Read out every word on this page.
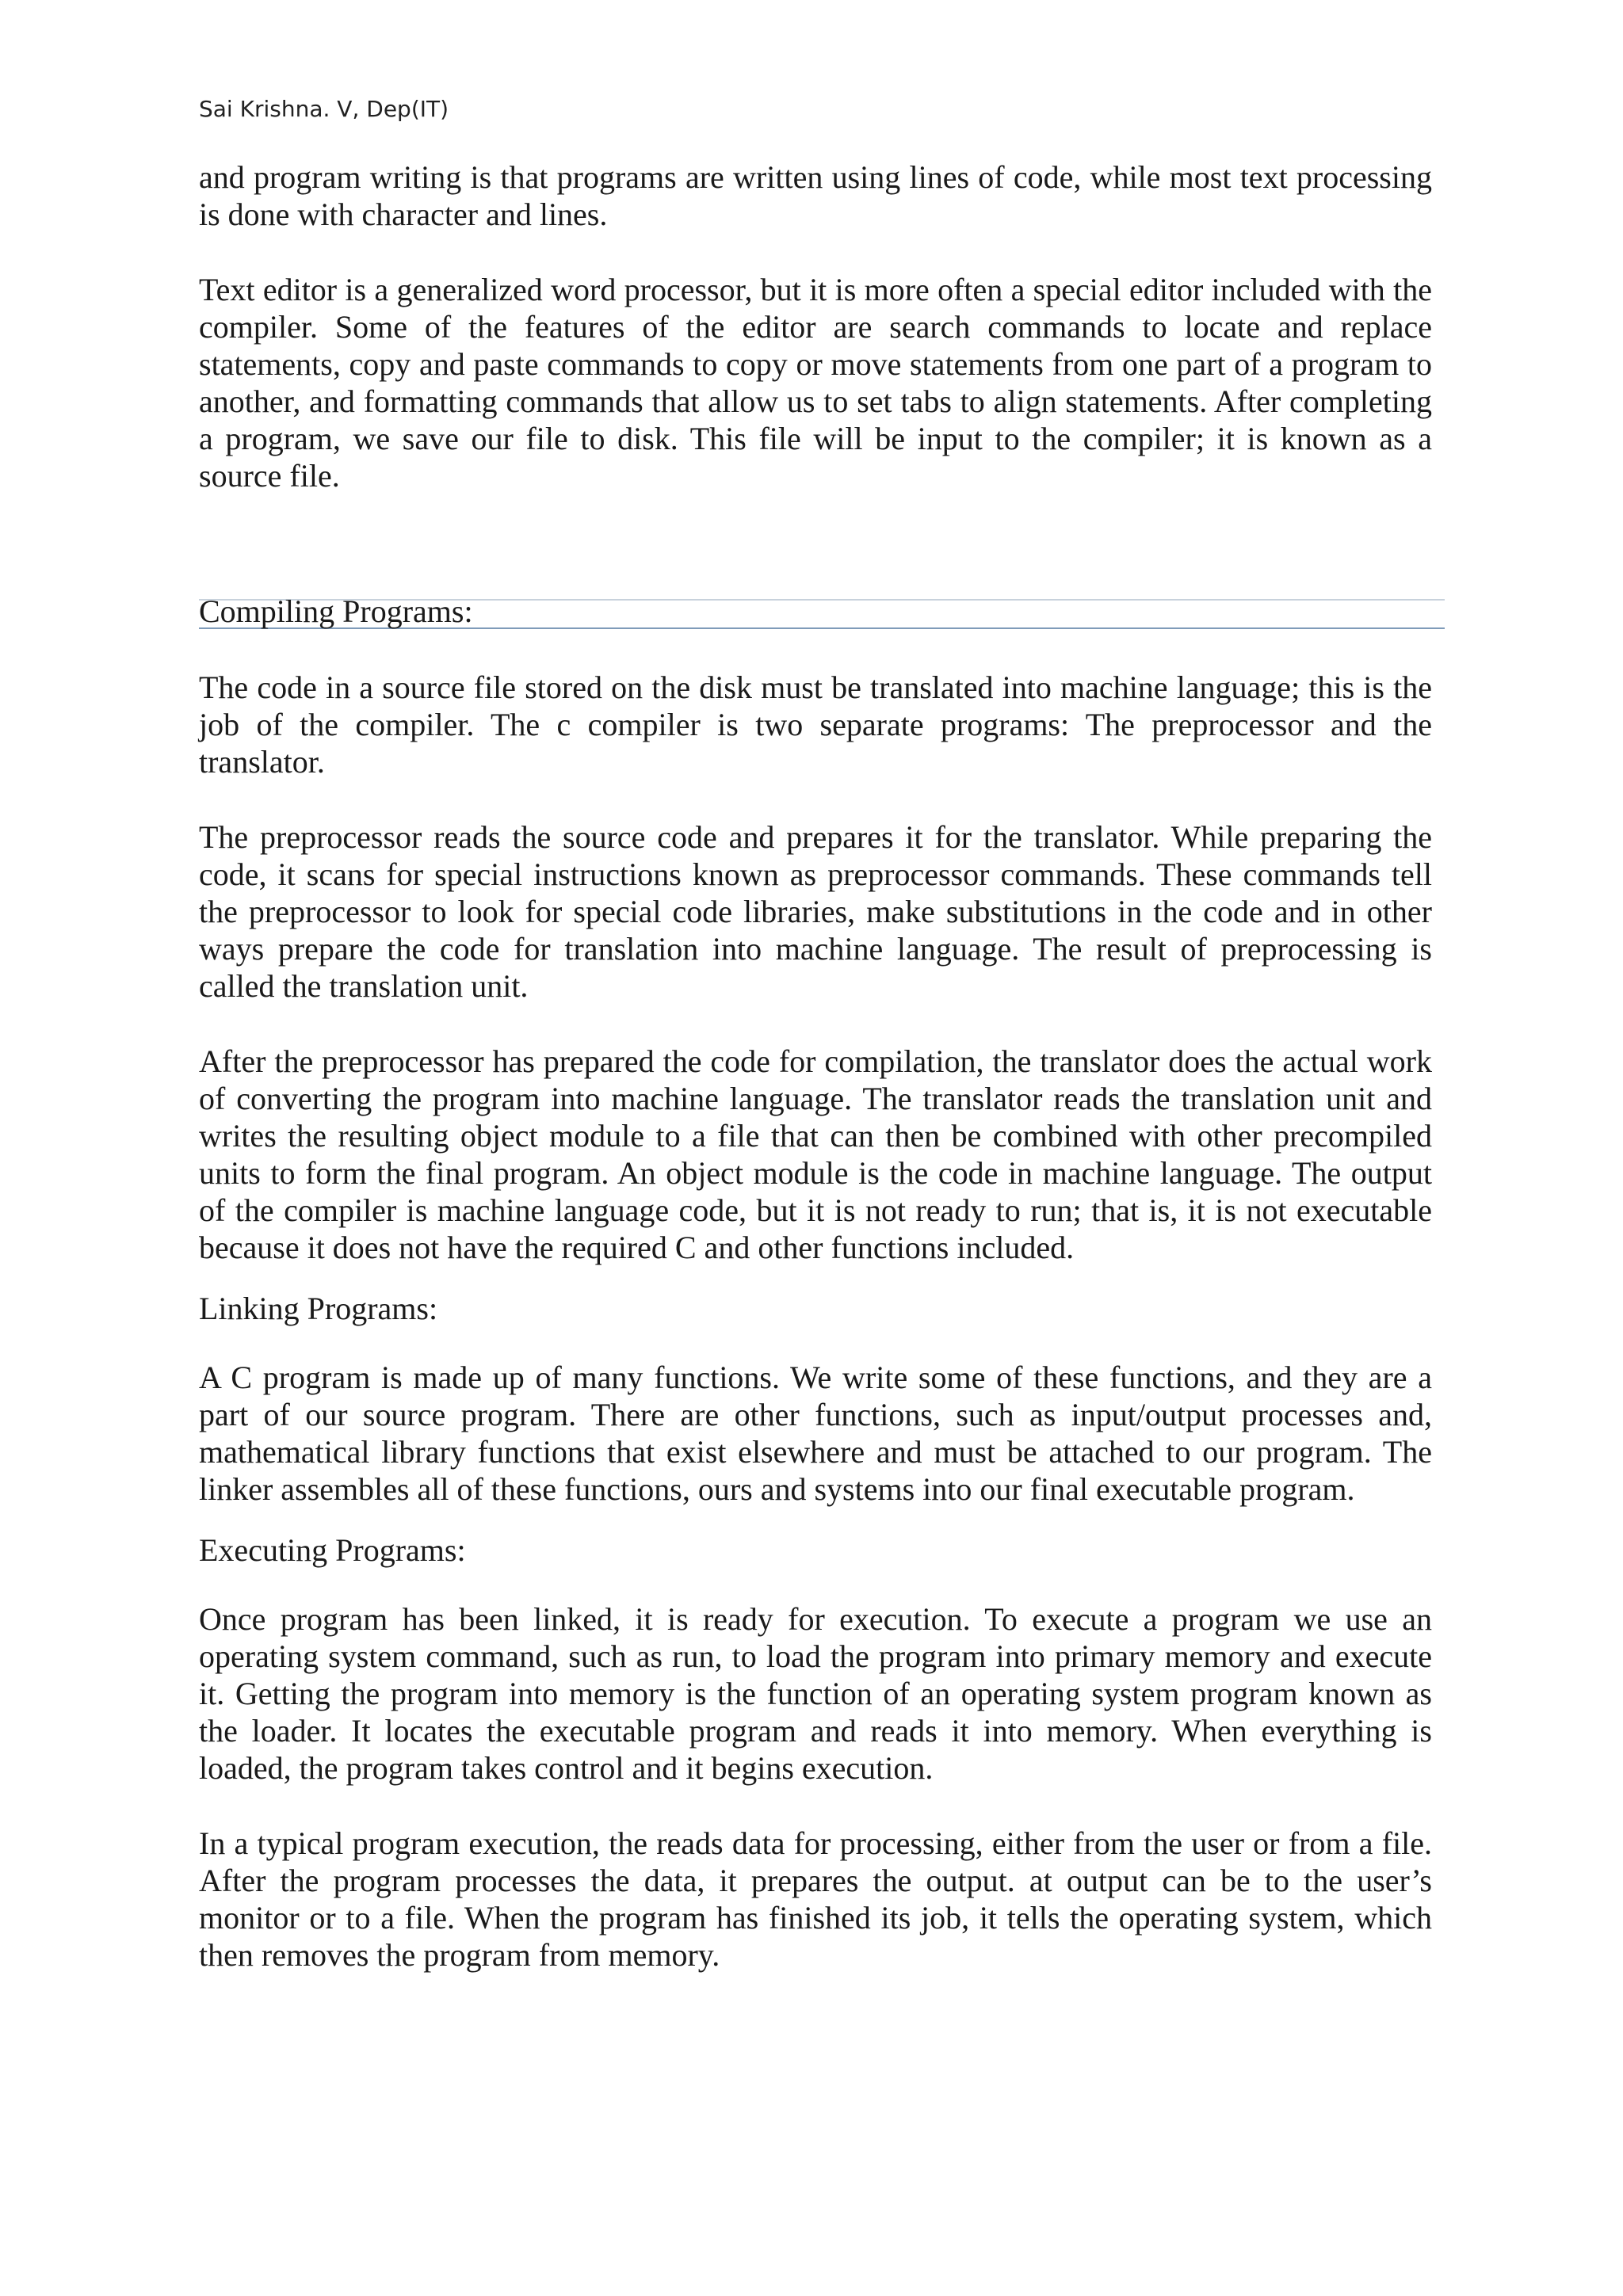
Sai Krishna. V, Dep(IT)

and program writing is that programs are written using lines of code, while most text processing is done with character and lines.

Text editor is a generalized word processor, but it is more often a special editor included with the compiler. Some of the features of the editor are search commands to locate and replace statements, copy and paste commands to copy or move statements from one part of a program to another, and formatting commands that allow us to set tabs to align statements. After completing a program, we save our file to disk. This file will be input to the compiler; it is known as a source file.

Compiling Programs:

The code in a source file stored on the disk must be translated into machine language; this is the job of the compiler. The c compiler is two separate programs: The preprocessor and the translator.

The preprocessor reads the source code and prepares it for the translator. While preparing the code, it scans for special instructions known as preprocessor commands. These commands tell the preprocessor to look for special code libraries, make substitutions in the code and in other ways prepare the code for translation into machine language. The result of preprocessing is called the translation unit.

After the preprocessor has prepared the code for compilation, the translator does the actual work of converting the program into machine language. The translator reads the translation unit and writes the resulting object module to a file that can then be combined with other precompiled units to form the final program. An object module is the code in machine language. The output of the compiler is machine language code, but it is not ready to run; that is, it is not executable because it does not have the required C and other functions included.

Linking Programs:

A C program is made up of many functions. We write some of these functions, and they are a part of our source program. There are other functions, such as input/output processes and, mathematical library functions that exist elsewhere and must be attached to our program. The linker assembles all of these functions, ours and systems into our final executable program.

Executing Programs:

Once program has been linked, it is ready for execution. To execute a program we use an operating system command, such as run, to load the program into primary memory and execute it. Getting the program into memory is the function of an operating system program known as the loader. It locates the executable program and reads it into memory. When everything is loaded, the program takes control and it begins execution.

In a typical program execution, the reads data for processing, either from the user or from a file. After the program processes the data, it prepares the output. at output can be to the user’s monitor or to a file. When the program has finished its job, it tells the operating system, which then removes the program from memory.
